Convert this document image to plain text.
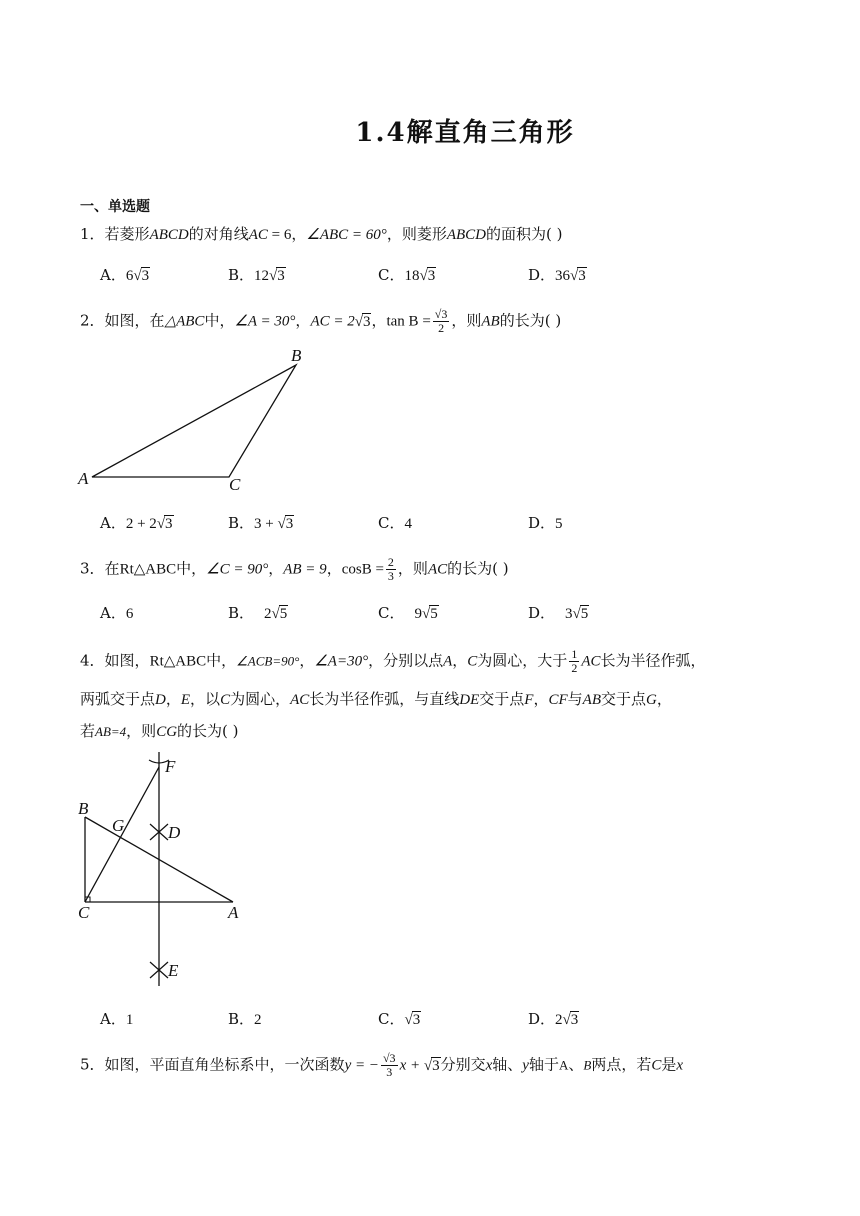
1.4解直角三角形
一、单选题
1．若菱形ABCD的对角线AC = 6，∠ABC = 60°，则菱形ABCD的面积为( )
A．6√3	B．12√3	C．18√3	D．36√3
2．如图，在△ABC中，∠A = 30°，AC = 2√3，$\tan B = \frac{√3}{2}$ ，则AB的长为( )
A
B
C
A．2 + 2√3	B．3 + √3	C．4	D．5
3．在Rt△ABC中，∠C = 90°，AB = 9，$\cos B = \frac{2}{3}$ ，则AC的长为( )
A．6	B． 2√5	C． 9√5	D． 3√5
4．如图，Rt△ABC中，∠ACB=90°，∠A=30°，分别以点A，C为圆心，大于 $\frac{1}{2}$ AC长为半径作弧，
两弧交于点D，E，以C为圆心，AC长为半径作弧，与直线DE交于点F，CF与AB交于点G，
若AB=4，则CG的长为( )
B
C	A
G
F
D
E
A．1	B．2	C．√3	D．2√3
5．如图，平面直角坐标系中，一次函数y = − $\frac{√3}{3}$ x + √3分别交x轴、y轴于A、B两点，若C是x
